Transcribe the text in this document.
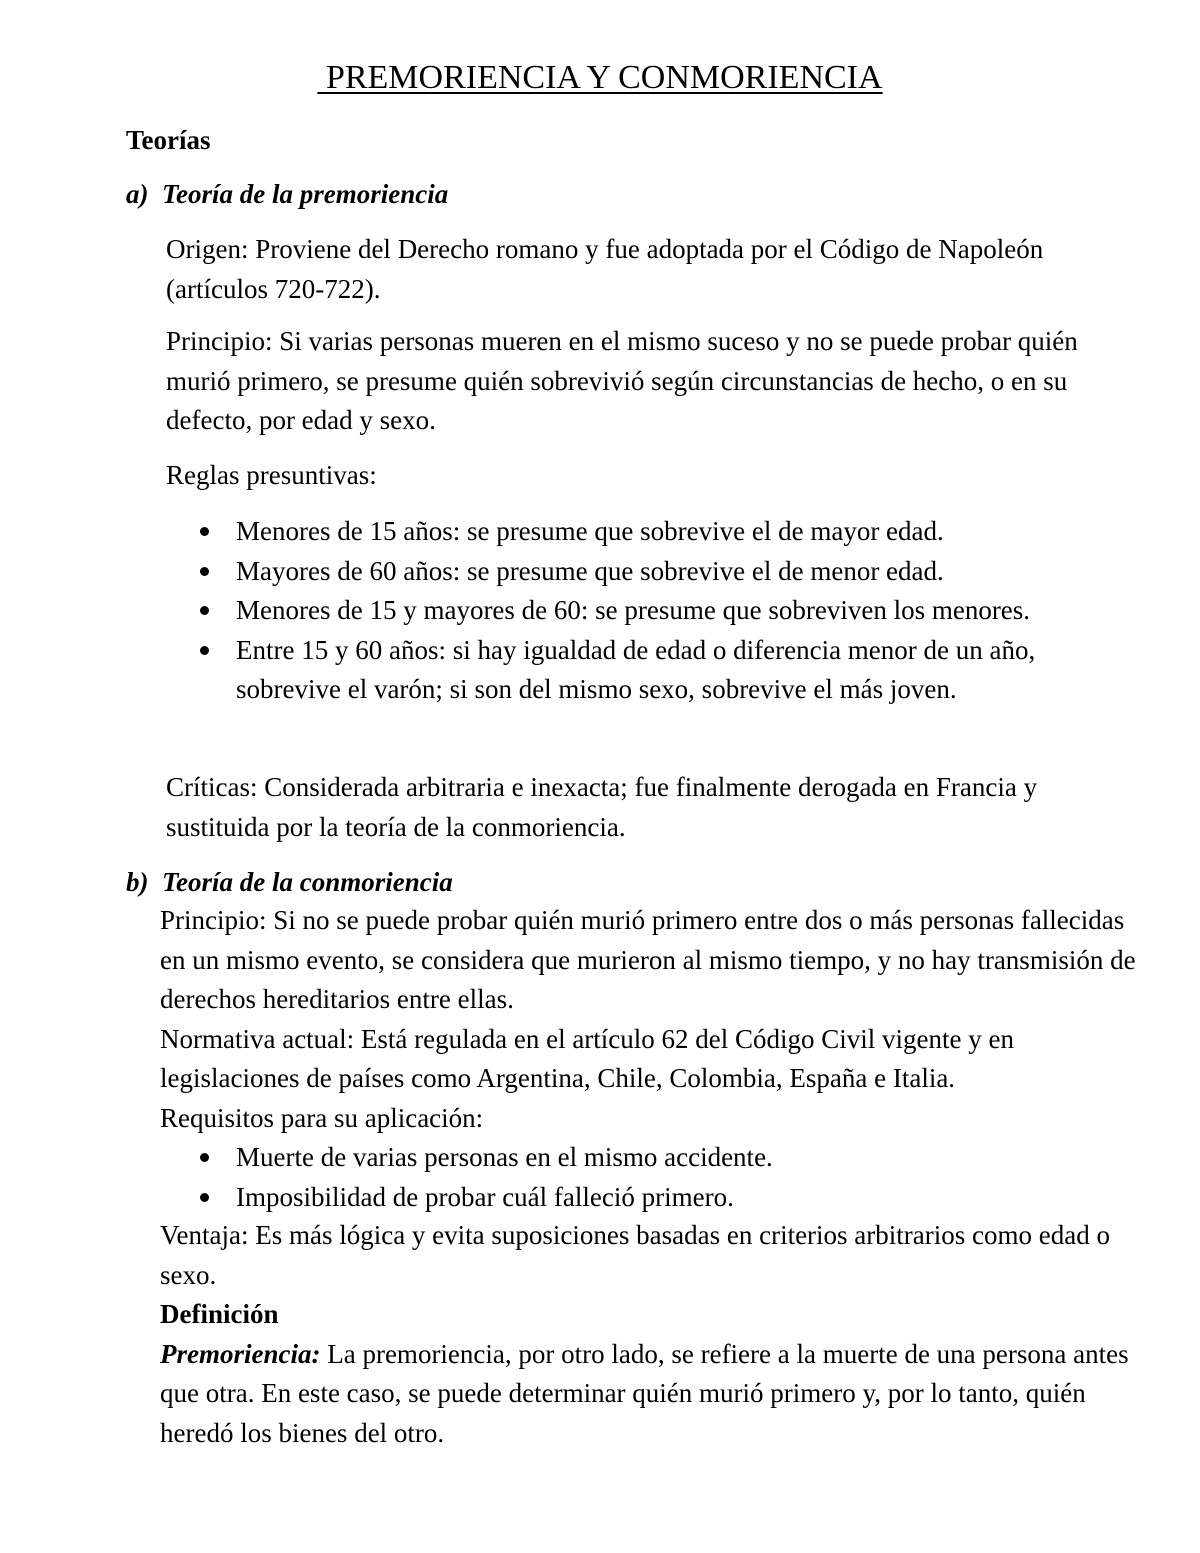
PREMORIENCIA Y CONMORIENCIA
Teorías
a) Teoría de la premoriencia
Origen: Proviene del Derecho romano y fue adoptada por el Código de Napoleón (artículos 720-722).
Principio: Si varias personas mueren en el mismo suceso y no se puede probar quién murió primero, se presume quién sobrevivió según circunstancias de hecho, o en su defecto, por edad y sexo.
Reglas presuntivas:
Menores de 15 años: se presume que sobrevive el de mayor edad.
Mayores de 60 años: se presume que sobrevive el de menor edad.
Menores de 15 y mayores de 60: se presume que sobreviven los menores.
Entre 15 y 60 años: si hay igualdad de edad o diferencia menor de un año, sobrevive el varón; si son del mismo sexo, sobrevive el más joven.
Críticas: Considerada arbitraria e inexacta; fue finalmente derogada en Francia y sustituida por la teoría de la conmoriencia.
b) Teoría de la conmoriencia

Principio: Si no se puede probar quién murió primero entre dos o más personas fallecidas en un mismo evento, se considera que murieron al mismo tiempo, y no hay transmisión de derechos hereditarios entre ellas.

Normativa actual: Está regulada en el artículo 62 del Código Civil vigente y en legislaciones de países como Argentina, Chile, Colombia, España e Italia.

Requisitos para su aplicación:

Muerte de varias personas en el mismo accidente.
Imposibilidad de probar cuál falleció primero.
Ventaja: Es más lógica y evita suposiciones basadas en criterios arbitrarios como edad o sexo.

Definición

Premoriencia: La premoriencia, por otro lado, se refiere a la muerte de una persona antes que otra. En este caso, se puede determinar quién murió primero y, por lo tanto, quién heredó los bienes del otro.
